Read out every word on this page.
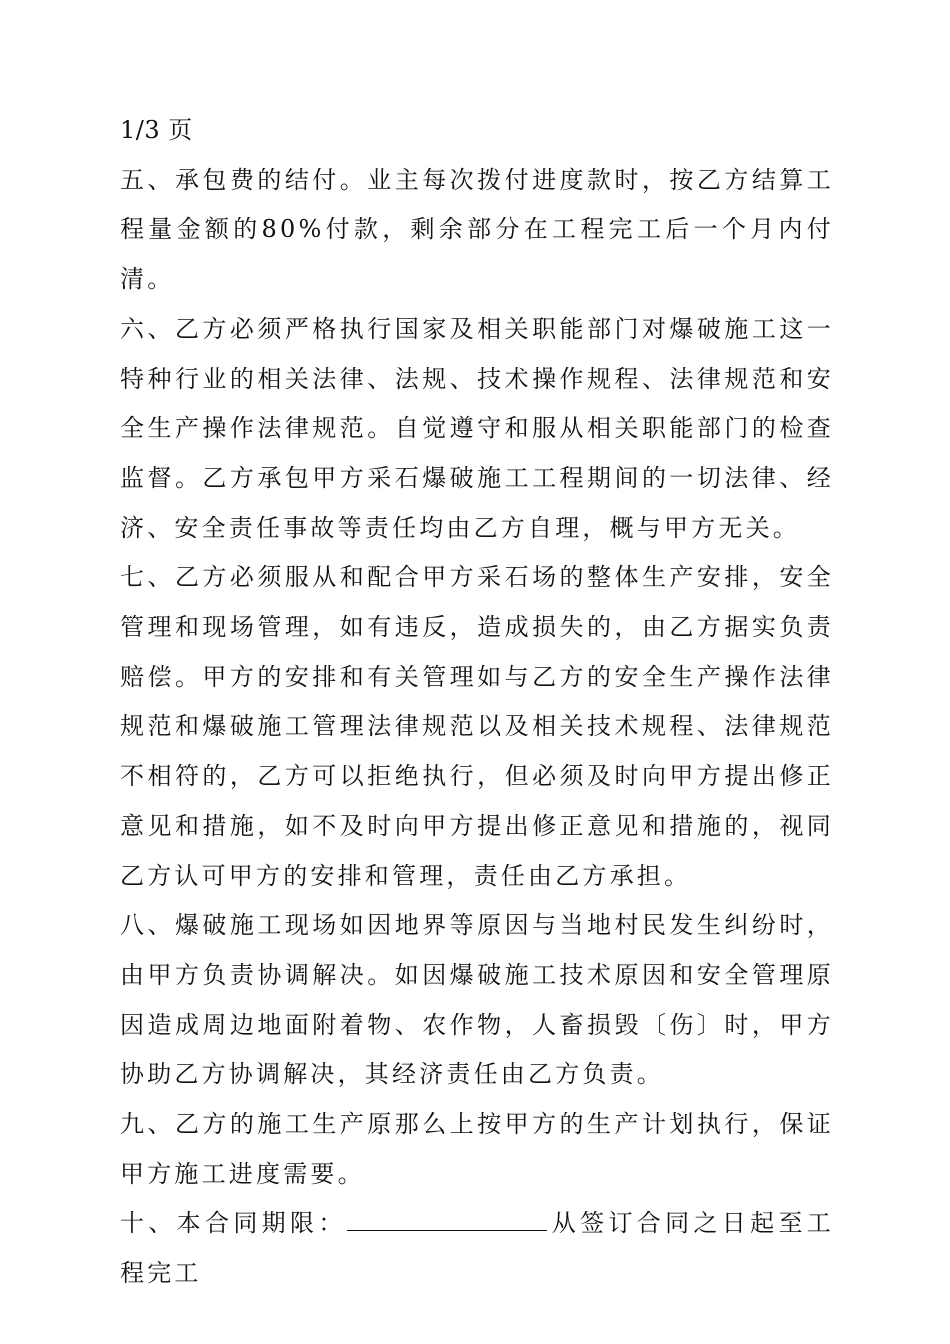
1/3 页

五、承包费的结付。业主每次拨付进度款时，按乙方结算工程量金额的80%付款，剩余部分在工程完工后一个月内付清。

六、乙方必须严格执行国家及相关职能部门对爆破施工这一特种行业的相关法律、法规、技术操作规程、法律规范和安全生产操作法律规范。自觉遵守和服从相关职能部门的检查监督。乙方承包甲方采石爆破施工工程期间的一切法律、经济、安全责任事故等责任均由乙方自理，概与甲方无关。

七、乙方必须服从和配合甲方采石场的整体生产安排，安全管理和现场管理，如有违反，造成损失的，由乙方据实负责赔偿。甲方的安排和有关管理如与乙方的安全生产操作法律规范和爆破施工管理法律规范以及相关技术规程、法律规范不相符的，乙方可以拒绝执行，但必须及时向甲方提出修正意见和措施，如不及时向甲方提出修正意见和措施的，视同乙方认可甲方的安排和管理，责任由乙方承担。

八、爆破施工现场如因地界等原因与当地村民发生纠纷时，由甲方负责协调解决。如因爆破施工技术原因和安全管理原因造成周边地面附着物、农作物，人畜损毁〔伤〕时，甲方协助乙方协调解决，其经济责任由乙方负责。

九、乙方的施工生产原那么上按甲方的生产计划执行，保证甲方施工进度需要。

十、本合同期限：	从签订合同之日起至工程完工
